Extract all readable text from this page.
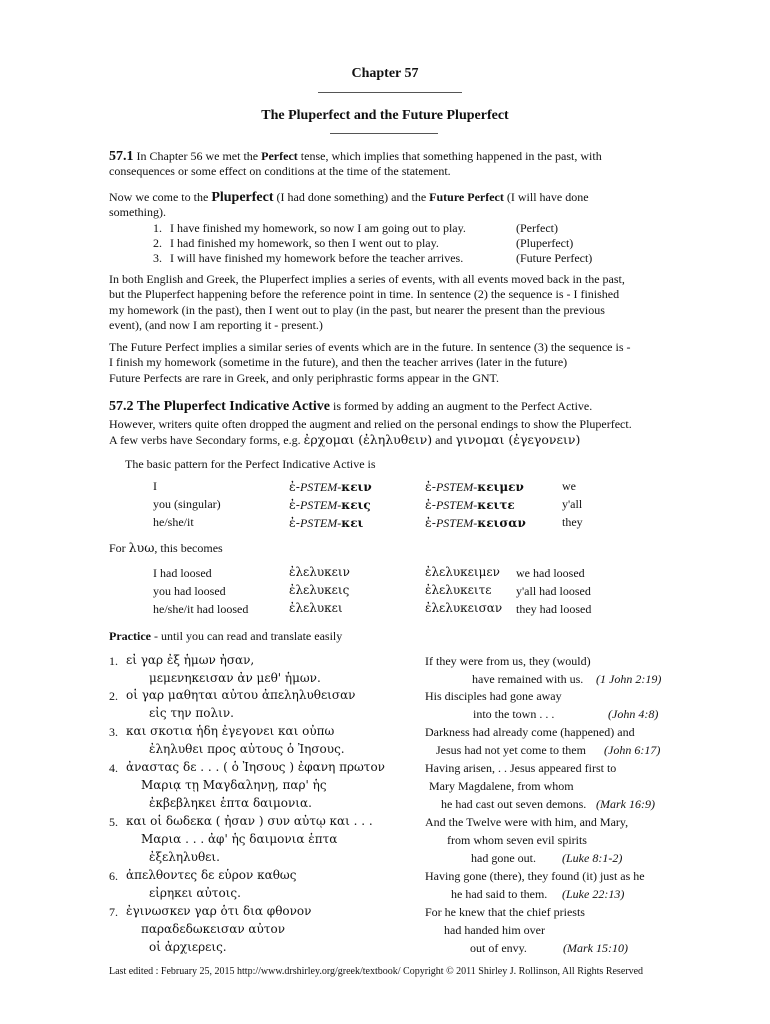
Chapter 57
The Pluperfect and the Future Pluperfect
57.1 In Chapter 56 we met the Perfect tense, which implies that something happened in the past, with
consequences or some effect on conditions at the time of the statement.
Now we come to the Pluperfect (I had done something) and the Future Perfect (I will have done
something).
1. I have finished my homework, so now I am going out to play.	(Perfect)
2. I had finished my homework, so then I went out to play.	(Pluperfect)
3. I will have finished my homework before the teacher arrives.	(Future Perfect)
In both English and Greek, the Pluperfect implies a series of events, with all events moved back in the past,
but the Pluperfect happening before the reference point in time. In sentence (2) the sequence is - I finished
my homework (in the past), then I went out to play (in the past, but nearer the present than the previous
event), (and now I am reporting it - present.)
The Future Perfect implies a similar series of events which are in the future. In sentence (3) the sequence is -
I finish my homework (sometime in the future), and then the teacher arrives (later in the future)
Future Perfects are rare in Greek, and only periphrastic forms appear in the GNT.
57.2 The Pluperfect Indicative Active is formed by adding an augment to the Perfect Active.
However, writers quite often dropped the augment and relied on the personal endings to show the Pluperfect.
A few verbs have Secondary forms, e.g. ἐρχομαι (ἐληλυθειν) and γινομαι (ἐγεγονειν)
The basic pattern for the Perfect Indicative Active is
I	ἐ-PSTEM-κειν	ἐ-PSTEM-κειμεν	we
you (singular)	ἐ-PSTEM-κεις	ἐ-PSTEM-κειτε	y'all
he/she/it	ἐ-PSTEM-κει	ἐ-PSTEM-κεισαν	they
For λυω, this becomes
I had loosed	ἐλελυκειν	ἐλελυκειμεν we had loosed
you had loosed	ἐλελυκεις	ἐλελυκειτε y'all had loosed
he/she/it had loosed	ἐλελυκει	ἐλελυκεισαν they had loosed
Practice - until you can read and translate easily
1. εἰ γαρ ἐξ ἡμων ἠσαν,	If they were from us, they (would)
μεμενηκεισαν ἀν μεθ' ἡμων.	have remained with us. (1 John 2:19)
2. οἱ γαρ μαθηται αὐτου ἀπεληλυθεισαν	His disciples had gone away
εἰς την πολιν.	into the town . . .	(John 4:8)
3. και σκοτια ἡδη ἐγεγονει και οὐπω	Darkness had already come (happened) and
ἐληλυθει προς αὐτους ὁ Ἰησους.	Jesus had not yet come to them (John 6:17)
4. ἀναστας δε . . . ( ὁ Ἰησους ) ἐφανη πρωτον	Having arisen, . . Jesus appeared first to
Μαριᾳ τῃ Μαγδαληνῃ, παρ' ἡς	Mary Magdalene, from whom
ἐκβεβληκει ἑπτα δαιμονια.	he had cast out seven demons. (Mark 16:9)
5. και οἱ δωδεκα ( ἠσαν ) συν αὐτῳ και . . .	And the Twelve were with him, and Mary,
Μαρια . . . ἀφ' ἡς δαιμονια ἑπτα	from whom seven evil spirits
ἐξεληλυθει.	had gone out. (Luke 8:1-2)
6. ἀπελθοντες δε εὑρον καθως	Having gone (there), they found (it) just as he
εἰρηκει αὐτοις.	he had said to them. (Luke 22:13)
7. ἐγινωσκεν γαρ ὁτι δια φθονον	For he knew that the chief priests
παραδεδωκεισαν αὐτον	had handed him over
οἱ ἀρχιερεις.	out of envy.	(Mark 15:10)
Last edited : February 25, 2015 http://www.drshirley.org/greek/textbook/ Copyright © 2011 Shirley J. Rollinson, All Rights Reserved
